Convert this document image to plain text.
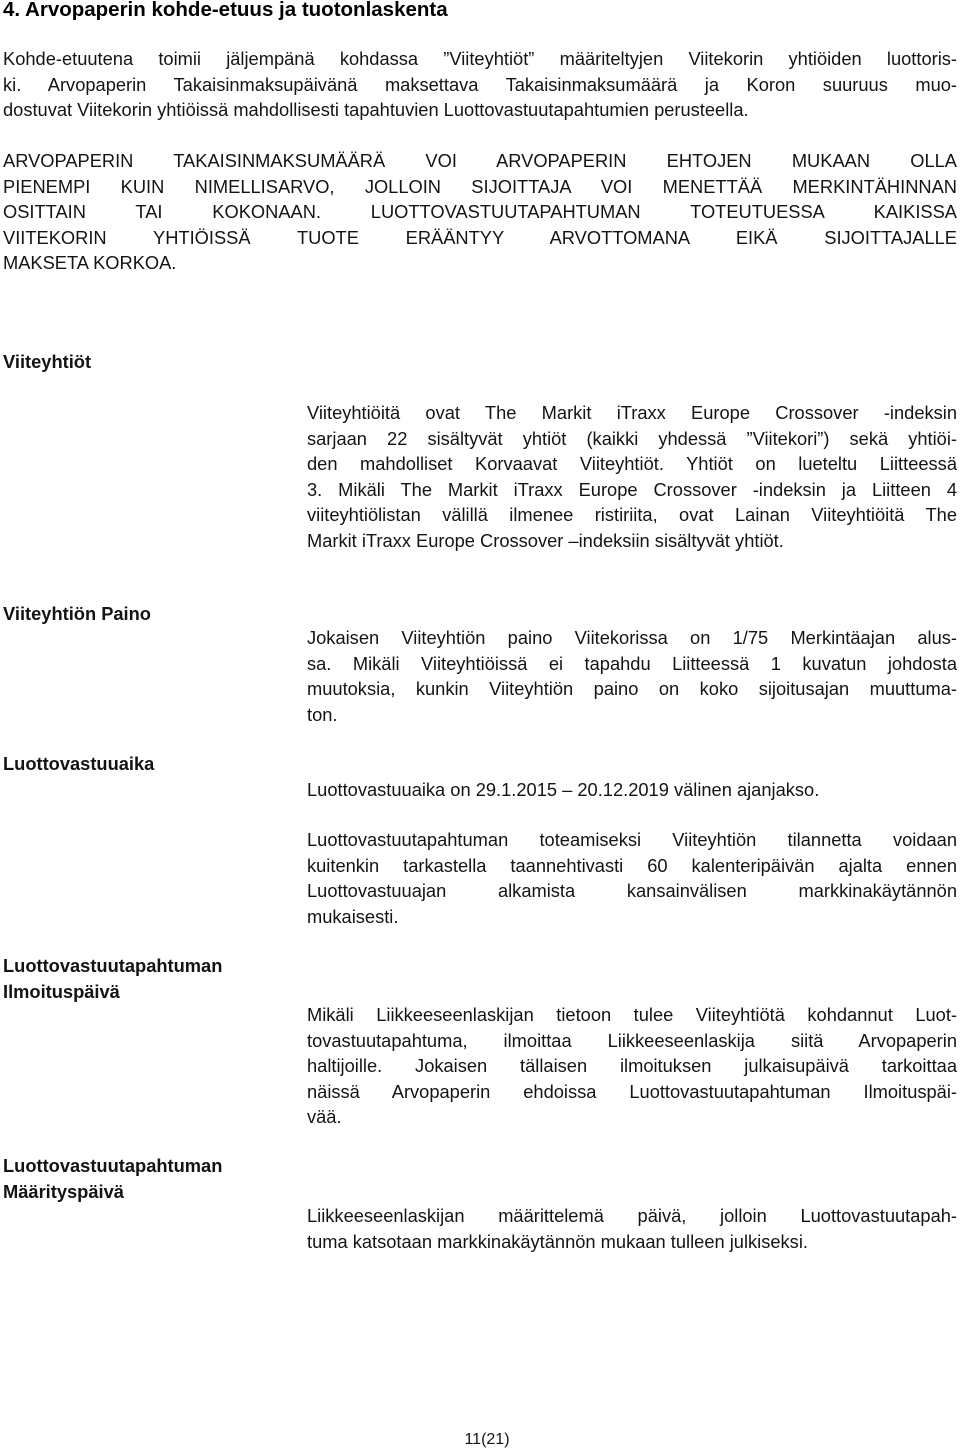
4. Arvopaperin kohde-etuus ja tuotonlaskenta
Kohde-etuutena toimii jäljempänä kohdassa ”Viiteyhtiöt” määriteltyjen Viitekorin yhtiöiden luottoris-
ki. Arvopaperin Takaisinmaksupäivänä maksettava Takaisinmaksumäärä ja Koron suuruus muo-
dostuvat Viitekorin yhtiöissä mahdollisesti tapahtuvien Luottovastuutapahtumien perusteella.
ARVOPAPERIN TAKAISINMAKSUMÄÄRÄ VOI ARVOPAPERIN EHTOJEN MUKAAN OLLA
PIENEMPI KUIN NIMELLISARVO, JOLLOIN SIJOITTAJA VOI MENETTÄÄ MERKINTÄHINNAN
OSITTAIN TAI KOKONAAN. LUOTTOVASTUUTAPAHTUMAN TOTEUTUESSA KAIKISSA
VIITEKORIN YHTIÖISSÄ TUOTE ERÄÄNTYY ARVOTTOMANA EIKÄ SIJOITTAJALLE
MAKSETA KORKOA.
Viiteyhtiöt
Viiteyhtiöitä ovat The Markit iTraxx Europe Crossover -indeksin
sarjaan 22 sisältyvät yhtiöt (kaikki yhdessä ”Viitekori”) sekä yhtiöi-
den mahdolliset Korvaavat Viiteyhtiöt. Yhtiöt on lueteltu Liitteessä
3. Mikäli The Markit iTraxx Europe Crossover -indeksin ja Liitteen 4
viiteyhtiölistan välillä ilmenee ristiriita, ovat Lainan Viiteyhtiöitä The
Markit iTraxx Europe Crossover –indeksiin sisältyvät yhtiöt.
Viiteyhtiön Paino
Jokaisen Viiteyhtiön paino Viitekorissa on 1/75 Merkintäajan alus-
sa. Mikäli Viiteyhtiöissä ei tapahdu Liitteessä 1 kuvatun johdosta
muutoksia, kunkin Viiteyhtiön paino on koko sijoitusajan muuttuma-
ton.
Luottovastuuaika
Luottovastuuaika on 29.1.2015 – 20.12.2019 välinen ajanjakso.
Luottovastuutapahtuman toteamiseksi Viiteyhtiön tilannetta voidaan
kuitenkin tarkastella taannehtivasti 60 kalenteripäivän ajalta ennen
Luottovastuuajan alkamista kansainvälisen markkinakäytännön
mukaisesti.
Luottovastuutapahtuman
Ilmoituspäivä
Mikäli Liikkeeseenlaskijan tietoon tulee Viiteyhtiötä kohdannut Luot-
tovastuutapahtuma, ilmoittaa Liikkeeseenlaskija siitä Arvopaperin
haltijoille. Jokaisen tällaisen ilmoituksen julkaisupäivä tarkoittaa
näissä Arvopaperin ehdoissa Luottovastuutapahtuman Ilmoituspäi-
vää.
Luottovastuutapahtuman
Määrityspäivä
Liikkeeseenlaskijan määrittelemä päivä, jolloin Luottovastuutapah-
tuma katsotaan markkinakäytännön mukaan tulleen julkiseksi.
11(21)
